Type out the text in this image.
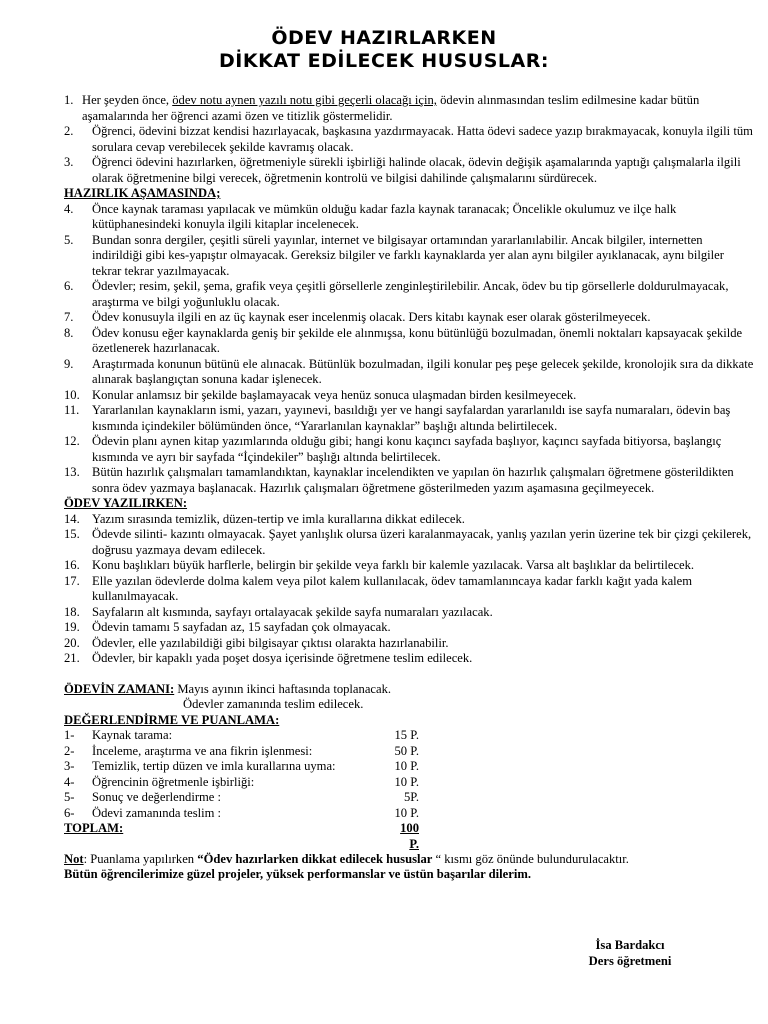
ÖDEV HAZIRLARKEN
DİKKAT EDİLECEK HUSUSLAR:
1. Her şeyden önce, ödev notu aynen yazılı notu gibi geçerli olacağı için, ödevin alınmasından teslim edilmesine kadar bütün aşamalarında her öğrenci azami özen ve titizlik göstermelidir.
2. Öğrenci, ödevini bizzat kendisi hazırlayacak, başkasına yazdırmayacak. Hatta ödevi sadece yazıp bırakmayacak, konuyla ilgili tüm sorulara cevap verebilecek şekilde kavramış olacak.
3. Öğrenci ödevini hazırlarken, öğretmeniyle sürekli işbirliği halinde olacak, ödevin değişik aşamalarında yaptığı çalışmalarla ilgili olarak öğretmenine bilgi verecek, öğretmenin kontrolü ve bilgisi dahilinde çalışmalarını sürdürecek.
HAZIRLIK AŞAMASINDA;
4. Önce kaynak taraması yapılacak ve mümkün olduğu kadar fazla kaynak taranacak; Öncelikle okulumuz ve ilçe halk kütüphanesindeki konuyla ilgili kitaplar incelenecek.
5. Bundan sonra dergiler, çeşitli süreli yayınlar, internet ve bilgisayar ortamından yararlanılabilir. Ancak bilgiler, internetten indirildiği gibi kes-yapıştır olmayacak. Gereksiz bilgiler ve farklı kaynaklarda yer alan aynı bilgiler ayıklanacak, aynı bilgiler tekrar tekrar yazılmayacak.
6. Ödevler; resim, şekil, şema, grafik veya çeşitli görsellerle zenginleştirilebilir. Ancak, ödev bu tip görsellerle doldurulmayacak, araştırma ve bilgi yoğunluklu olacak.
7. Ödev konusuyla ilgili en az üç kaynak eser incelenmiş olacak. Ders kitabı kaynak eser olarak gösterilmeyecek.
8. Ödev konusu eğer kaynaklarda geniş bir şekilde ele alınmışsa, konu bütünlüğü bozulmadan, önemli noktaları kapsayacak şekilde özetlenerek hazırlanacak.
9. Araştırmada konunun bütünü ele alınacak. Bütünlük bozulmadan, ilgili konular peş peşe gelecek şekilde, kronolojik sıra da dikkate alınarak başlangıçtan sonuna kadar işlenecek.
10. Konular anlamsız bir şekilde başlamayacak veya henüz sonuca ulaşmadan birden kesilmeyecek.
11. Yararlanılan kaynakların ismi, yazarı, yayınevi, basıldığı yer ve hangi sayfalardan yararlanıldı ise sayfa numaraları, ödevin baş kısmında içindekiler bölümünden önce, “Yararlanılan kaynaklar” başlığı altında belirtilecek.
12. Ödevin planı aynen kitap yazımlarında olduğu gibi; hangi konu kaçıncı sayfada başlıyor, kaçıncı sayfada bitiyorsa, başlangıç kısmında ve ayrı bir sayfada “İçindekiler” başlığı altında belirtilecek.
13. Bütün hazırlık çalışmaları tamamlandıktan, kaynaklar incelendikten ve yapılan ön hazırlık çalışmaları öğretmene gösterildikten sonra ödev yazmaya başlanacak. Hazırlık çalışmaları öğretmene gösterilmeden yazım aşamasına geçilmeyecek.
ÖDEV YAZILIRKEN:
14. Yazım sırasında temizlik, düzen-tertip ve imla kurallarına dikkat edilecek.
15. Ödevde silinti- kazıntı olmayacak. Şayet yanlışlık olursa üzeri karalanmayacak, yanlış yazılan yerin üzerine tek bir çizgi çekilerek, doğrusu yazmaya devam edilecek.
16. Konu başlıkları büyük harflerle, belirgin bir şekilde veya farklı bir kalemle yazılacak. Varsa alt başlıklar da belirtilecek.
17. Elle yazılan ödevlerde dolma kalem veya pilot kalem kullanılacak, ödev tamamlanıncaya kadar farklı kağıt yada kalem kullanılmayacak.
18. Sayfaların alt kısmında, sayfayı ortalayacak şekilde sayfa numaraları yazılacak.
19. Ödevin tamamı 5 sayfadan az, 15 sayfadan çok olmayacak.
20. Ödevler, elle yazılabildiği gibi bilgisayar çıktısı olarakta hazırlanabilir.
21. Ödevler, bir kapaklı yada poşet dosya içerisinde öğretmene teslim edilecek.
ÖDEVİN ZAMANI: Mayıs ayının ikinci haftasında toplanacak.
Ödevler zamanında teslim edilecek.
DEĞERLENDİRME VE PUANLAMA:
1- Kaynak tarama:	15 P.
2- İnceleme, araştırma ve ana fikrin işlenmesi:	50 P.
3- Temizlik, tertip düzen ve imla kurallarına uyma:	10 P.
4- Öğrencinin öğretmenle işbirliği:	10 P.
5- Sonuç ve değerlendirme :	5P.
6- Ödevi zamanında teslim :	10 P.
TOPLAM:	100 P.
Not: Puanlama yapılırken “Ödev hazırlarken dikkat edilecek hususlar “ kısmı göz önünde bulundurulacaktır.
Bütün öğrencilerimize güzel projeler, yüksek performanslar ve üstün başarılar dilerim.
İsa Bardakcı
Ders öğretmeni
